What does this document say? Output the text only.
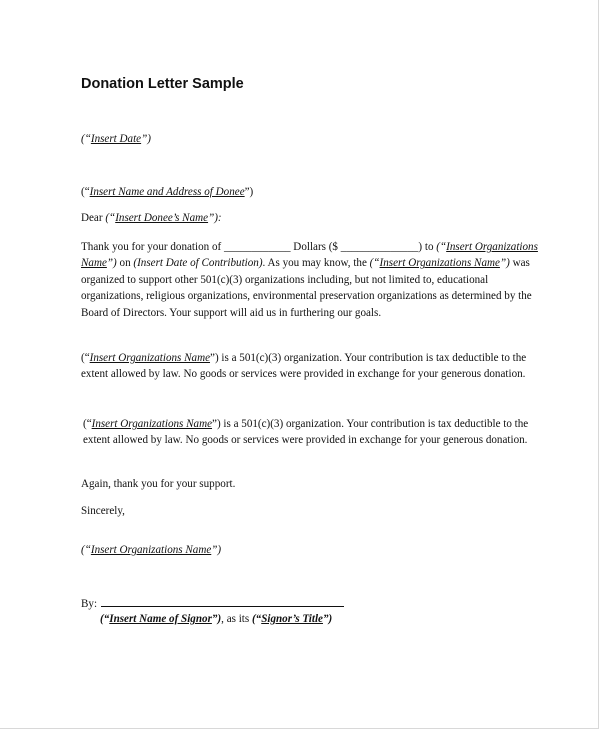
Donation Letter Sample
(“Insert Date”)
(“Insert Name and Address of Donee”)
Dear (“Insert Donee’s Name”):
Thank you for your donation of ____________ Dollars ($ ______________) to (“Insert Organizations Name”) on (Insert Date of Contribution). As you may know, the (“Insert Organizations Name”) was organized to support other 501(c)(3) organizations including, but not limited to, educational organizations, religious organizations, environmental preservation organizations as determined by the Board of Directors. Your support will aid us in furthering our goals.
(“Insert Organizations Name”) is a 501(c)(3) organization. Your contribution is tax deductible to the extent allowed by law. No goods or services were provided in exchange for your generous donation.
(“Insert Organizations Name”) is a 501(c)(3) organization. Your contribution is tax deductible to the extent allowed by law. No goods or services were provided in exchange for your generous donation.
Again, thank you for your support.
Sincerely,
(“Insert Organizations Name”)
By:
(“Insert Name of Signor”), as its (“Signor’s Title”)
